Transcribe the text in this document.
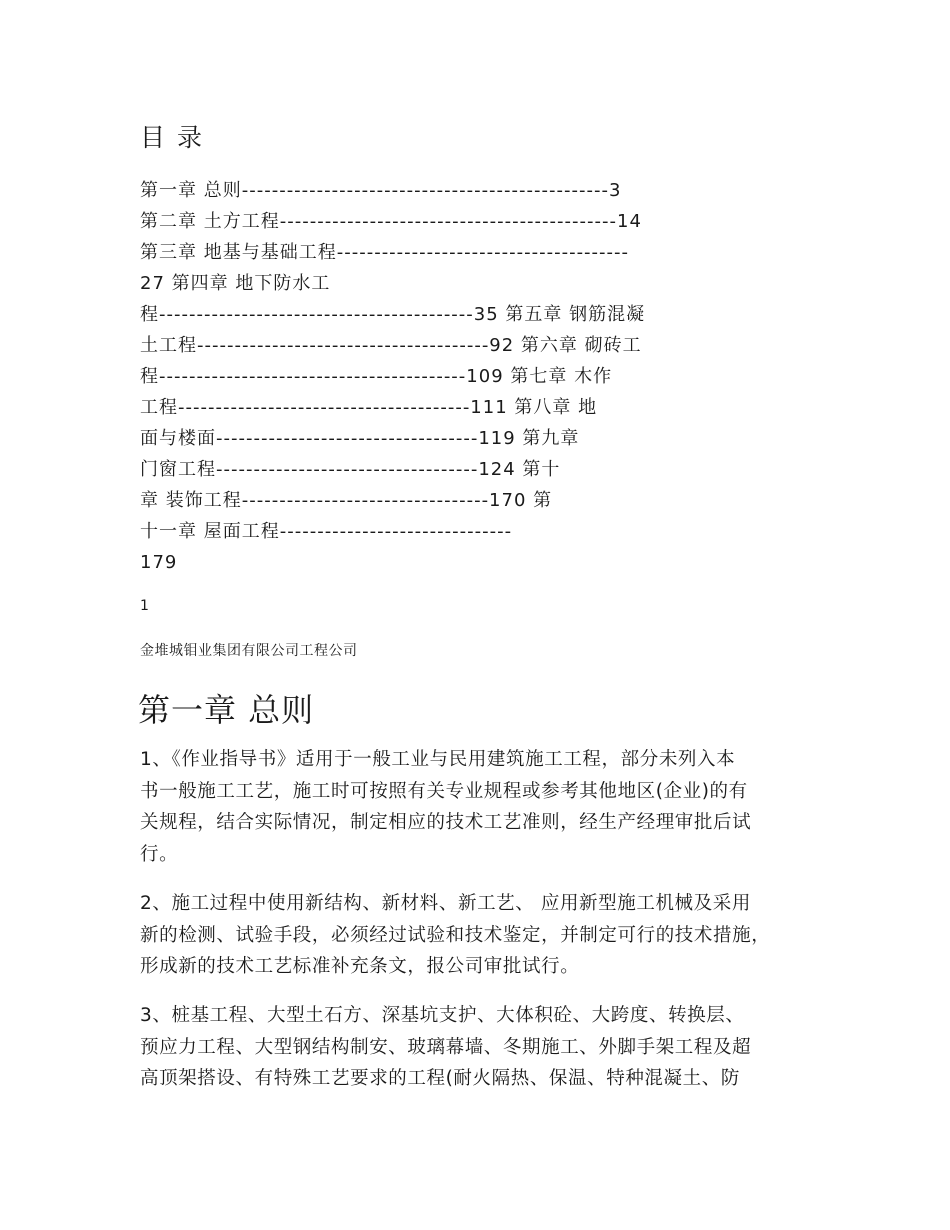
目 录
第一章 总则-------------------------------------------------3
第二章 土方工程---------------------------------------------14
第三章 地基与基础工程---------------------------------------
27 第四章 地下防水工
程------------------------------------------35 第五章 钢筋混凝
土工程---------------------------------------92 第六章 砌砖工
程-----------------------------------------109 第七章 木作
工程---------------------------------------111 第八章 地
面与楼面-----------------------------------119 第九章
门窗工程-----------------------------------124 第十
章 装饰工程---------------------------------170 第
十一章 屋面工程-------------------------------
179
1
金堆城钼业集团有限公司工程公司
第一章 总则
1、《作业指导书》适用于一般工业与民用建筑施工工程，部分未列入本
书一般施工工艺，施工时可按照有关专业规程或参考其他地区(企业)的有
关规程，结合实际情况，制定相应的技术工艺准则，经生产经理审批后试
行。
2、施工过程中使用新结构、新材料、新工艺、 应用新型施工机械及采用
新的检测、试验手段，必须经过试验和技术鉴定，并制定可行的技术措施，
形成新的技术工艺标准补充条文，报公司审批试行。
3、桩基工程、大型土石方、深基坑支护、大体积砼、大跨度、转换层、
预应力工程、大型钢结构制安、玻璃幕墙、冬期施工、外脚手架工程及超
高顶架搭设、有特殊工艺要求的工程(耐火隔热、保温、特种混凝土、防
